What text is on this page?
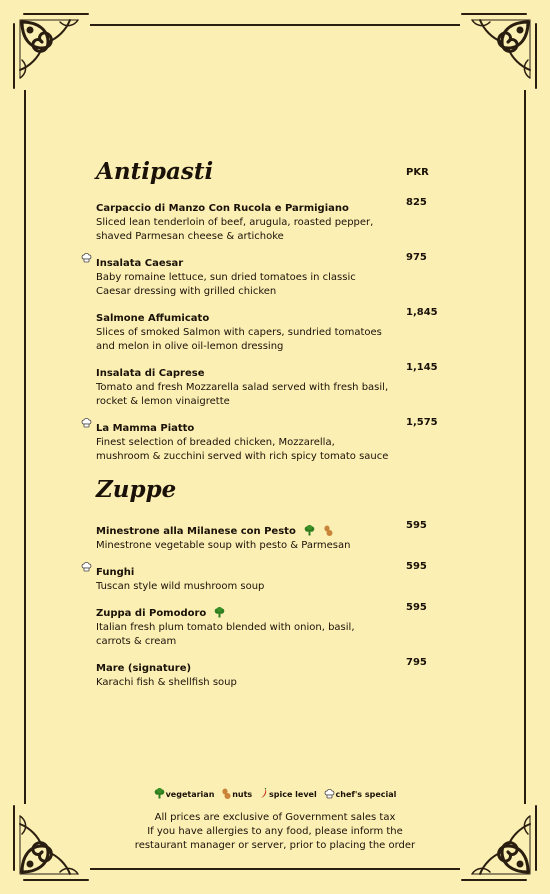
PKR
Antipasti
Carpaccio di Manzo Con Rucola e Parmigiano
825
Sliced lean tenderloin of beef, arugula, roasted pepper,
shaved Parmesan cheese & artichoke
Insalata Caesar
975
Baby romaine lettuce, sun dried tomatoes in classic
Caesar dressing with grilled chicken
Salmone Affumicato
1,845
Slices of smoked Salmon with capers, sundried tomatoes
and melon in olive oil-lemon dressing
Insalata di Caprese
1,145
Tomato and fresh Mozzarella salad served with fresh basil,
rocket & lemon vinaigrette
La Mamma Piatto
1,575
Finest selection of breaded chicken, Mozzarella,
mushroom & zucchini served with rich spicy tomato sauce
Zuppe
Minestrone alla Milanese con Pesto
595
Minestrone vegetable soup with pesto & Parmesan
Funghi
595
Tuscan style wild mushroom soup
Zuppa di Pomodoro
595
Italian fresh plum tomato blended with onion, basil,
carrots & cream
Mare (signature)
795
Karachi fish & shellfish soup
vegetarian nuts spice level chef's special
All prices are exclusive of Government sales tax
If you have allergies to any food, please inform the
restaurant manager or server, prior to placing the order
